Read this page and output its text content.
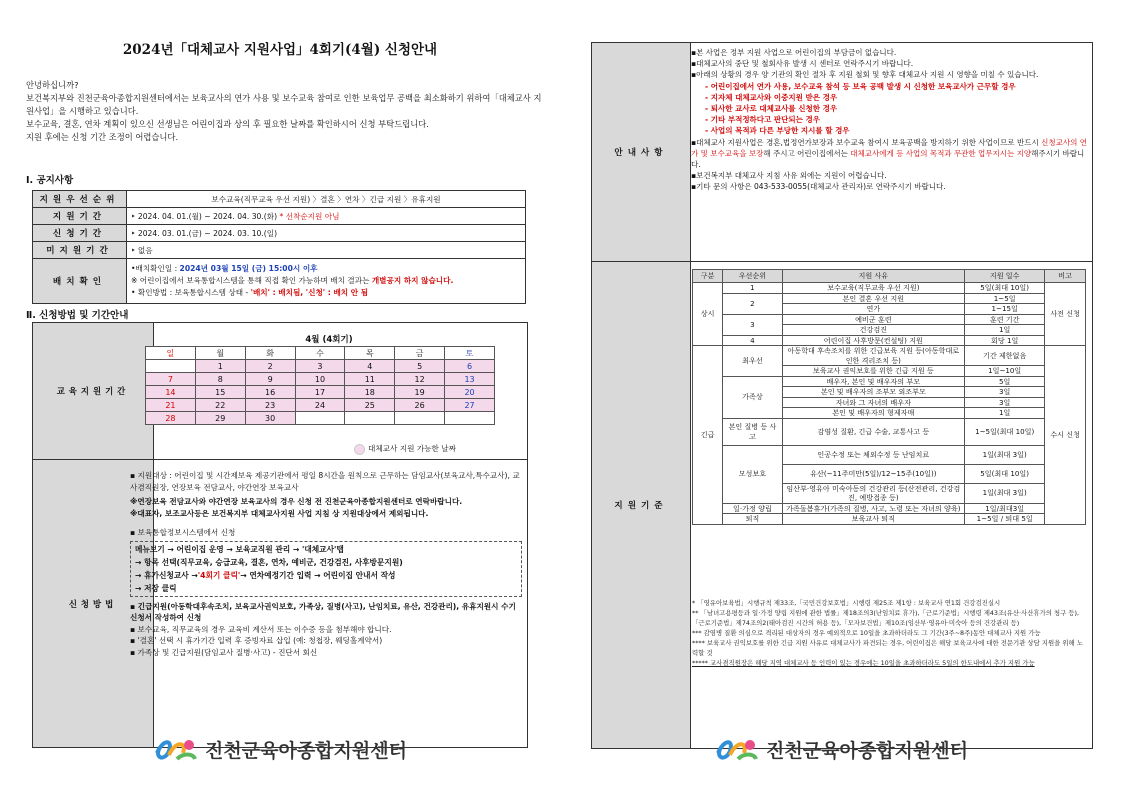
2024년「대체교사 지원사업」4회기(4월) 신청안내
안녕하십니까?
보건복지부와 진천군육아종합지원센터에서는 보육교사의 연가 사용 및 보수교육 참여로 인한 보육업무 공백을 최소화하기 위하여「대체교사 지원사업」을 시행하고 있습니다.
보수교육, 결혼, 연차 계획이 있으신 선생님은 어린이집과 상의 후 필요한 날짜를 확인하시어 신청 부탁드립니다.
지원 후에는 신청 기간 조정이 어렵습니다.
Ⅰ. 공지사항
지원우선순위	보수교육(직무교육 우선 지원) 〉결혼 〉연차 〉긴급 지원 〉유휴지원
지원기간	‣ 2024. 04. 01.(월) ~ 2024. 04. 30.(화) * 선착순지원 아님
신청기간	‣ 2024. 03. 01.(금) ~ 2024. 03. 10.(일)
미지원기간	‣ 없음
배치확인	•배치확인일 : 2024년 03월 15일 (금) 15:00시 이후
※ 어린이집에서 보육통합시스템을 통해 직접 확인 가능하며 배치 결과는 개별공지 하지 않습니다.
• 확인방법 : 보육통합시스템 상태 - '배치' : 배치됨, '신청' : 배치 안 됨
Ⅱ. 신청방법 및 기간안내
교육지원기간
신청방법
4월 (4회기)
일	월	화	수	목	금	토
	1	2	3	4	5	6
7	8	9	10	11	12	13
14	15	16	17	18	19	20
21	22	23	24	25	26	27
28	29	30				
대체교사 지원 가능한 날짜

▪ 지원대상 : 어린이집 및 시간제보육 제공기관에서 평일 8시간을 원칙으로 근무하는 담임교사(보육교사,특수교사), 교사겸직원장, 연장보육 전담교사, 야간연장 보육교사

※연장보육 전담교사와 야간연장 보육교사의 경우 신청 전 진천군육아종합지원센터로 연락바랍니다.

※대표자, 보조교사등은 보건복지부 대체교사지원 사업 지침 상 지원대상에서 제외됩니다.

▪ 보육통합정보시스템에서 신청

메뉴보기 → 어린이집 운영 → 보육교직원 관리 → '대체교사'탭
→ 항목 선택(직무교육, 승급교육, 결혼, 연차, 예비군, 건강검진, 사후방문지원)
→ 휴가신청교사 →'4회기 클릭'→ 연차예정기간 입력 → 어린이집 안내서 작성
→ 저장 클릭

▪ 긴급지원(아동학대후속조치, 보육교사권익보호, 가족상, 질병(사고), 난임치료, 유산, 건강관리), 유휴지원시 수기신청서 작성하여 신청

▪ 보수교육, 직무교육의 경우 교육비 계산서 또는 이수증 등을 첨부해야 합니다.

▪ '결혼' 선택 시 휴가기간 입력 후 증빙자료 삽입 (예: 청첩장, 웨딩홀계약서)

▪ 가족상 및 긴급지원(담임교사 질병·사고) - 진단서 회신

진천군육아종합지원센터
안내사항
지원기준

▪본 사업은 정부 지원 사업으로 어린이집의 부담금이 없습니다.

▪대체교사의 중단 및 철회사유 발생 시 센터로 연락주시기 바랍니다.

▪아래의 상황의 경우 양 기관의 확인 절차 후 지원 철회 및 향후 대체교사 지원 시 영향을 미칠 수 있습니다.

- 어린이집에서 연가 사용, 보수교육 참석 등 보육 공백 발생 시 신청한 보육교사가 근무할 경우

- 지자체 대체교사와 이중지원 받은 경우

- 퇴사한 교사로 대체교사를 신청한 경우

- 기타 부적정하다고 판단되는 경우

- 사업의 목적과 다른 부당한 지시를 할 경우

▪대체교사 지원사업은 경혼,법정연가보장과 보수교육 참여시 보육공백을 방지하기 위한 사업이므로 반드시 신청교사의 연가 및 보수교육을 보장해 주시고 어린이집에서는 대체교사에게 등 사업의 목적과 무관한 업무지시는 지양해주시기 바랍니다.

▪보건복지부 대체교사 지침 사유 외에는 지원이 어렵습니다.

▪기타 문의 사항은 043-533-0055(대체교사 관리자)로 연락주시기 바랍니다.

구분	우선순위	지원 사유	지원 일수	비고
상시	1	보수교육(직무교육 우선 지원)	5일(최대 10일)	사전 신청
	2	본인 결혼 우선 지원	1~5일	
		연가	1~15일	
	3	예비군 훈련	훈련 기간	
		건강검진	1일	
	4	어린이집 사후방문(컨설팅) 지원	회당 1일	
긴급	최우선	아동학대 후속조치를 위한 긴급보육 지원 등(아동학대로 인한 격리조치 등)	기간 제한없음	수시 신청
		보육교사 권익보호를 위한 긴급 지원 등	1일~10일	
	가족상	배우자, 본인 및 배우자의 부모	5일	
		본인 및 배우자의 조부모 외조부모	3일	
		자녀와 그 자녀의 배우자	3일	
		본인 및 배우자의 형제자매	1일	
	본인 질병 등 사고	감염성 질환, 긴급 수술, 교통사고 등	1~5일(최대 10일)	
	모성보호	인공수정 또는 체외수정 등 난임치료	1일(최대 3일)	
		유산(~11주미만(5일)/12~15주(10일))	5일(최대 10일)	
		임산부·영유아 미숙아동의 건강관리 등(산전관리, 건강검진, 예방접종 등)	1일(최대 3일)	
	일·가정 양립	가족돌봄휴가(가족의 질병, 사고, 노령 또는 자녀의 양육)	1일/최대3일	
	퇴직	보육교사 퇴직	1~5일 / 퇴대 5일	

* 「영유아보육법」시행규칙 제33조,「국민건강보호법」시행령 제25조 제1항 : 보육교사 연1회 건강검진실시

** 「남녀고용평등과 일·가정 양립 지원에 관한 법률」제18조의3(난임치료 휴가),「근로기준법」시행령 제43조(유산·사산휴가의 청구 등),「근로기준법」제74조의2(태아검진 시간의 허용 등),「모자보건법」제10조(임산부·영유아·미숙아 등의 건강관리 등)

*** 감염병 질환 의심으로 격리된 대상자의 경우 예외적으로 10일을 초과하더라도 그 기간(3주~8주)동안 대체교사 지원 가능

**** 보육교사 권익보호를 위한 긴급 지원 사유로 대체교사가 파견되는 경우, 어린이집은 해당 보육교사에 대한 전문기관 상담 지원을 위해 노력할 것

***** 교사겸직원장은 해당 지역 대체교사 등 인력이 있는 경우에는 10일을 초과하더라도 5일의 한도내에서 추가 지원 가능

진천군육아종합지원센터
